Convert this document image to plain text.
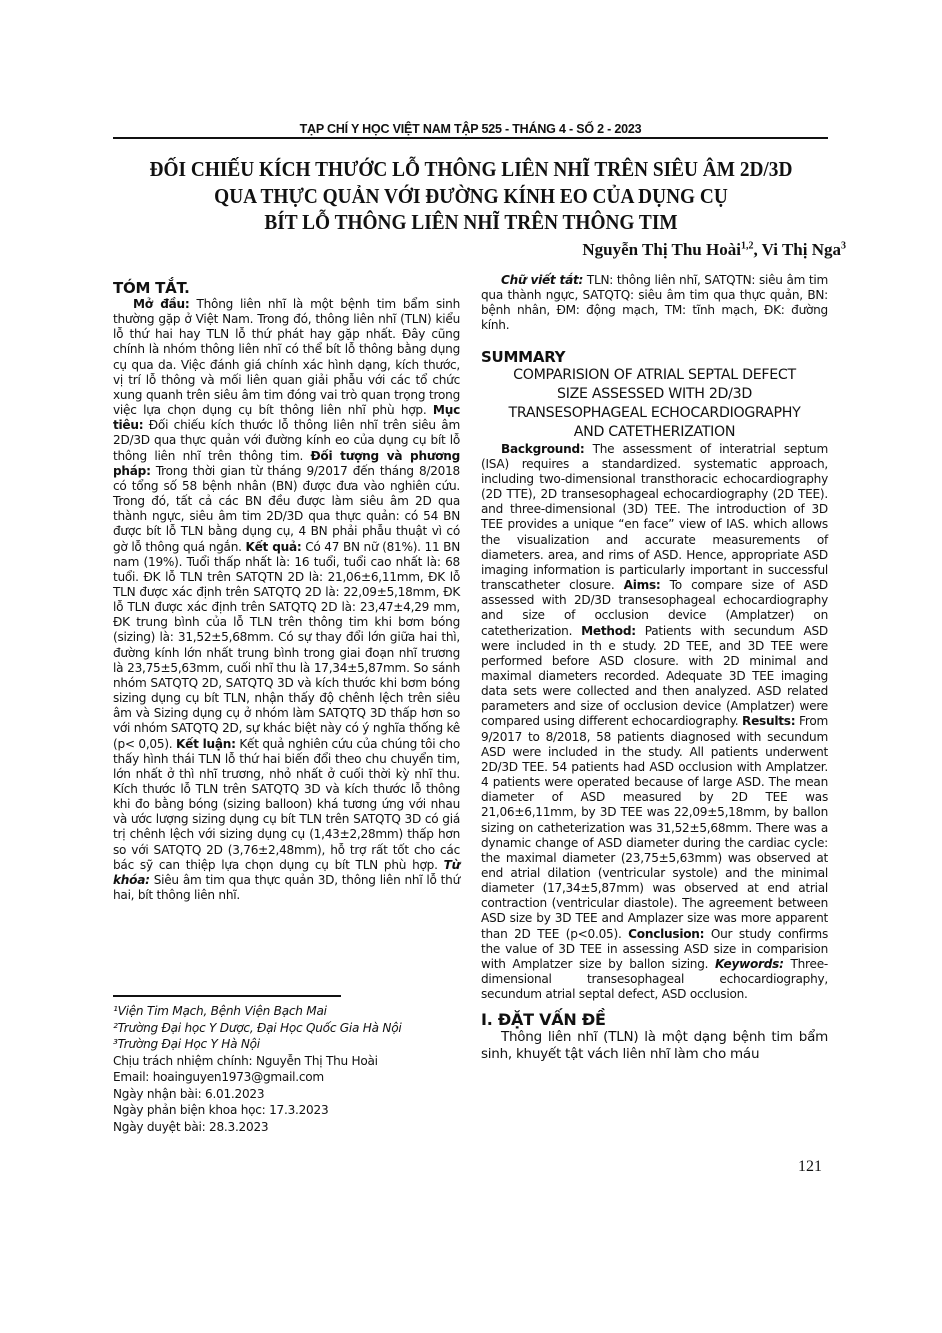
TẠP CHÍ Y HỌC VIỆT NAM TẬP 525 - THÁNG 4 - SỐ 2 - 2023
ĐỐI CHIẾU KÍCH THƯỚC LỖ THÔNG LIÊN NHĨ TRÊN SIÊU ÂM 2D/3D
QUA THỰC QUẢN VỚI ĐƯỜNG KÍNH EO CỦA DỤNG CỤ
BÍT LỖ THÔNG LIÊN NHĨ TRÊN THÔNG TIM
Nguyễn Thị Thu Hoài$^{1,2}$, Vi Thị Nga$^3$
TÓM TẮT.

Mở đầu: Thông liên nhĩ là một bệnh tim bẩm sinh thường gặp ở Việt Nam. Trong đó, thông liên nhĩ (TLN) kiểu lỗ thứ hai hay TLN lỗ thứ phát hay gặp nhất. Đây cũng chính là nhóm thông liên nhĩ có thể bít lỗ thông bằng dụng cụ qua da. Việc đánh giá chính xác hình dạng, kích thước, vị trí lỗ thông và mối liên quan giải phẫu với các tổ chức xung quanh trên siêu âm tim đóng vai trò quan trọng trong việc lựa chọn dụng cụ bít thông liên nhĩ phù hợp. Mục tiêu: Đối chiếu kích thước lỗ thông liên nhĩ trên siêu âm 2D/3D qua thực quản với đường kính eo của dụng cụ bít lỗ thông liên nhĩ trên thông tim. Đối tượng và phương pháp: Trong thời gian từ tháng 9/2017 đến tháng 8/2018 có tổng số 58 bệnh nhân (BN) được đưa vào nghiên cứu. Trong đó, tất cả các BN đều được làm siêu âm 2D qua thành ngực, siêu âm tim 2D/3D qua thực quản: có 54 BN được bít lỗ TLN bằng dụng cụ, 4 BN phải phẫu thuật vì có gờ lỗ thông quá ngắn. Kết quả: Có 47 BN nữ (81%). 11 BN nam (19%). Tuổi thấp nhất là: 16 tuổi, tuổi cao nhất là: 68 tuổi. ĐK lỗ TLN trên SATQTN 2D là: 21,06±6,11mm, ĐK lỗ TLN được xác định trên SATQTQ 2D là: 22,09±5,18mm, ĐK lỗ TLN được xác định trên SATQTQ 2D là: 23,47±4,29 mm, ĐK trung bình của lỗ TLN trên thông tim khi bơm bóng (sizing) là: 31,52±5,68mm. Có sự thay đổi lớn giữa hai thì, đường kính lớn nhất trung bình trong giai đoạn nhĩ trương là 23,75±5,63mm, cuối nhĩ thu là 17,34±5,87mm. So sánh nhóm SATQTQ 2D, SATQTQ 3D và kích thước khi bơm bóng sizing dụng cụ bít TLN, nhận thấy độ chênh lệch trên siêu âm và Sizing dụng cụ ở nhóm làm SATQTQ 3D thấp hơn so với nhóm SATQTQ 2D, sự khác biệt này có ý nghĩa thống kê (p< 0,05). Kết luận: Kết quả nghiên cứu của chúng tôi cho thấy hình thái TLN lỗ thứ hai biến đổi theo chu chuyển tim, lớn nhất ở thì nhĩ trương, nhỏ nhất ở cuối thời kỳ nhĩ thu. Kích thước lỗ TLN trên SATQTQ 3D và kích thước lỗ thông khi đo bằng bóng (sizing balloon) khá tương ứng với nhau và ước lượng sizing dụng cụ bít TLN trên SATQTQ 3D có giá trị chênh lệch với sizing dụng cụ (1,43±2,28mm) thấp hơn so với SATQTQ 2D (3,76±2,48mm), hỗ trợ rất tốt cho các bác sỹ can thiệp lựa chọn dụng cụ bít TLN phù hợp. Từ khóa: Siêu âm tim qua thực quản 3D, thông liên nhĩ lỗ thứ hai, bít thông liên nhĩ.

¹Viện Tim Mạch, Bệnh Viện Bạch Mai
²Trường Đại học Y Dược, Đại Học Quốc Gia Hà Nội
³Trường Đại Học Y Hà Nội
Chịu trách nhiệm chính: Nguyễn Thị Thu Hoài
Email: hoainguyen1973@gmail.com
Ngày nhận bài: 6.01.2023
Ngày phản biện khoa học: 17.3.2023
Ngày duyệt bài: 28.3.2023

Chữ viết tắt: TLN: thông liên nhĩ, SATQTN: siêu âm tim qua thành ngực, SATQTQ: siêu âm tim qua thực quản, BN: bệnh nhân, ĐM: động mạch, TM: tĩnh mạch, ĐK: đường kính.

SUMMARY
COMPARISION OF ATRIAL SEPTAL DEFECT
SIZE ASSESSED WITH 2D/3D
TRANSESOPHAGEAL ECHOCARDIOGRAPHY
AND CATETHERIZATION

Background: The assessment of interatrial septum (ISA) requires a standardized. systematic approach, including two-dimensional transthoracic echocardiography (2D TTE), 2D transesophageal echocardiography (2D TEE). and three-dimensional (3D) TEE. The introduction of 3D TEE provides a unique “en face” view of IAS. which allows the visualization and accurate measurements of diameters. area, and rims of ASD. Hence, appropriate ASD imaging information is particularly important in successful transcatheter closure. Aims: To compare size of ASD assessed with 2D/3D transesophageal echocardiography and size of occlusion device (Amplatzer) on catetherization. Method: Patients with secundum ASD were included in th e study. 2D TEE, and 3D TEE were performed before ASD closure. with 2D minimal and maximal diameters recorded. Adequate 3D TEE imaging data sets were collected and then analyzed. ASD related parameters and size of occlusion device (Amplatzer) were compared using different echocardiography. Results: From 9/2017 to 8/2018, 58 patients diagnosed with secundum ASD were included in the study. All patients underwent 2D/3D TEE. 54 patients had ASD occlusion with Amplatzer. 4 patients were operated because of large ASD. The mean diameter of ASD measured by 2D TEE was 21,06±6,11mm, by 3D TEE was 22,09±5,18mm, by ballon sizing on catheterization was 31,52±5,68mm. There was a dynamic change of ASD diameter during the cardiac cycle: the maximal diameter (23,75±5,63mm) was observed at end atrial dilation (ventricular systole) and the minimal diameter (17,34±5,87mm) was observed at end atrial contraction (ventricular diastole). The agreement between ASD size by 3D TEE and Amplazer size was more apparent than 2D TEE (p<0.05). Conclusion: Our study confirms the value of 3D TEE in assessing ASD size in comparision with Amplatzer size by ballon sizing. Keywords: Three-dimensional transesophageal echocardiography, secundum atrial septal defect, ASD occlusion.

I. ĐẶT VẤN ĐỀ

Thông liên nhĩ (TLN) là một dạng bệnh tim bẩm sinh, khuyết tật vách liên nhĩ làm cho máu

121
